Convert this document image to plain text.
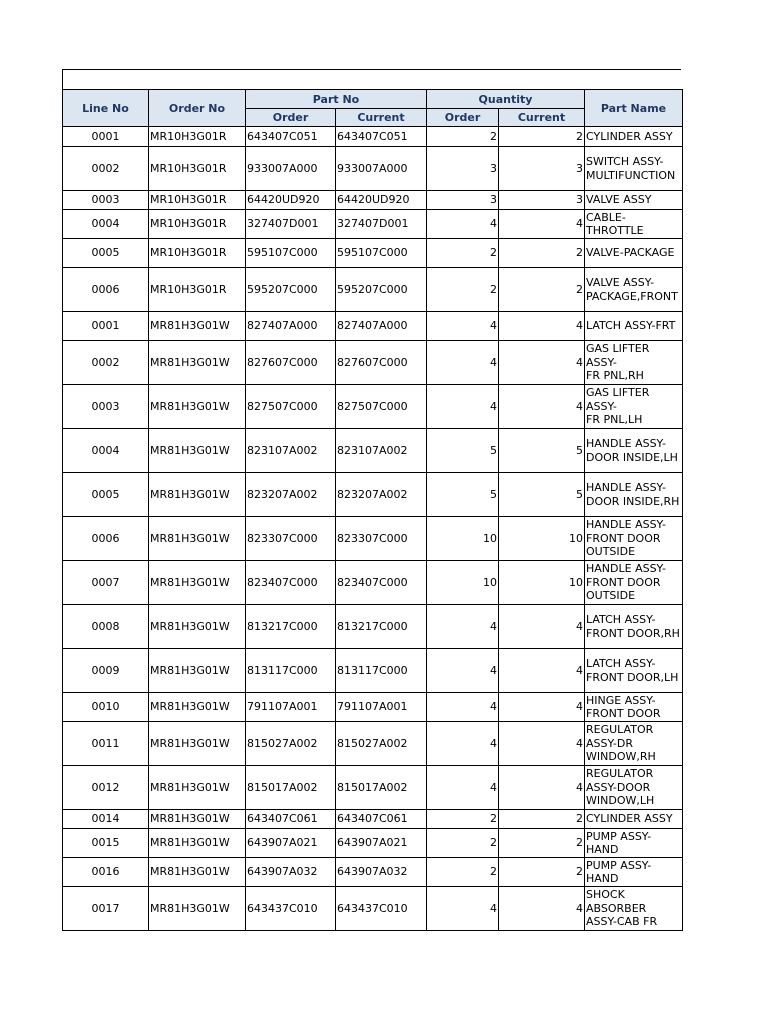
Line No	Order No	Part No		Quantity		Part Name
		Order	Current	Order	Current	
0001	MR10H3G01R	643407C051	643407C051	2	2	CYLINDER ASSY
0002	MR10H3G01R	933007A000	933007A000	3	3	SWITCH ASSY-
MULTIFUNCTION
0003	MR10H3G01R	64420UD920	64420UD920	3	3	VALVE ASSY
0004	MR10H3G01R	327407D001	327407D001	4	4	CABLE-THROTTLE
0005	MR10H3G01R	595107C000	595107C000	2	2	VALVE-PACKAGE
0006	MR10H3G01R	595207C000	595207C000	2	2	VALVE ASSY-
PACKAGE,FRONT
0001	MR81H3G01W	827407A000	827407A000	4	4	LATCH ASSY-FRT
0002	MR81H3G01W	827607C000	827607C000	4	4	GAS LIFTER ASSY-
FR PNL,RH
0003	MR81H3G01W	827507C000	827507C000	4	4	GAS LIFTER ASSY-
FR PNL,LH
0004	MR81H3G01W	823107A002	823107A002	5	5	HANDLE ASSY-
DOOR INSIDE,LH
0005	MR81H3G01W	823207A002	823207A002	5	5	HANDLE ASSY-
DOOR INSIDE,RH
0006	MR81H3G01W	823307C000	823307C000	10	10	HANDLE ASSY-
FRONT DOOR
OUTSIDE
0007	MR81H3G01W	823407C000	823407C000	10	10	HANDLE ASSY-
FRONT DOOR
OUTSIDE
0008	MR81H3G01W	813217C000	813217C000	4	4	LATCH ASSY-
FRONT DOOR,RH
0009	MR81H3G01W	813117C000	813117C000	4	4	LATCH ASSY-
FRONT DOOR,LH
0010	MR81H3G01W	791107A001	791107A001	4	4	HINGE ASSY-
FRONT DOOR
0011	MR81H3G01W	815027A002	815027A002	4	4	REGULATOR
ASSY-DR
WINDOW,RH
0012	MR81H3G01W	815017A002	815017A002	4	4	REGULATOR
ASSY-DOOR
WINDOW,LH
0014	MR81H3G01W	643407C061	643407C061	2	2	CYLINDER ASSY
0015	MR81H3G01W	643907A021	643907A021	2	2	PUMP ASSY-HAND
0016	MR81H3G01W	643907A032	643907A032	2	2	PUMP ASSY-HAND
0017	MR81H3G01W	643437C010	643437C010	4	4	SHOCK ABSORBER
ASSY-CAB FR
